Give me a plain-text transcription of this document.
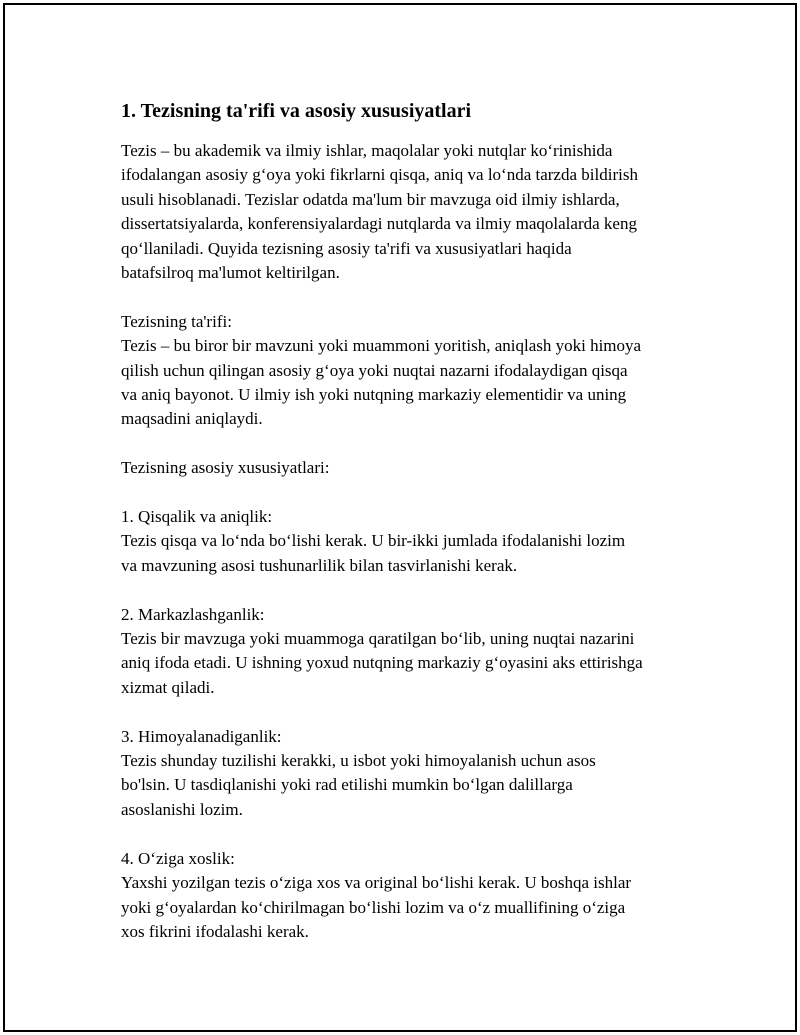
1. Tezisning ta'rifi va asosiy xususiyatlari
Tezis – bu akademik va ilmiy ishlar, maqolalar yoki nutqlar koʻrinishida
ifodalangan asosiy gʻoya yoki fikrlarni qisqa, aniq va loʻnda tarzda bildirish
usuli hisoblanadi. Tezislar odatda ma'lum bir mavzuga oid ilmiy ishlarda,
dissertatsiyalarda, konferensiyalardagi nutqlarda va ilmiy maqolalarda keng
qoʻllaniladi. Quyida tezisning asosiy ta'rifi va xususiyatlari haqida
batafsilroq ma'lumot keltirilgan.
Tezisning ta'rifi:
Tezis – bu biror bir mavzuni yoki muammoni yoritish, aniqlash yoki himoya
qilish uchun qilingan asosiy gʻoya yoki nuqtai nazarni ifodalaydigan qisqa
va aniq bayonot. U ilmiy ish yoki nutqning markaziy elementidir va uning
maqsadini aniqlaydi.
Tezisning asosiy xususiyatlari:
1. Qisqalik va aniqlik:
Tezis qisqa va loʻnda boʻlishi kerak. U bir-ikki jumlada ifodalanishi lozim
va mavzuning asosi tushunarlilik bilan tasvirlanishi kerak.
2. Markazlashganlik:
Tezis bir mavzuga yoki muammoga qaratilgan boʻlib, uning nuqtai nazarini
aniq ifoda etadi. U ishning yoxud nutqning markaziy gʻoyasini aks ettirishga
xizmat qiladi.
3. Himoyalanadiganlik:
Tezis shunday tuzilishi kerakki, u isbot yoki himoyalanish uchun asos
bo'lsin. U tasdiqlanishi yoki rad etilishi mumkin boʻlgan dalillarga
asoslanishi lozim.
4. Oʻziga xoslik:
Yaxshi yozilgan tezis oʻziga xos va original boʻlishi kerak. U boshqa ishlar
yoki gʻoyalardan koʻchirilmagan boʻlishi lozim va oʻz muallifining oʻziga
xos fikrini ifodalashi kerak.
